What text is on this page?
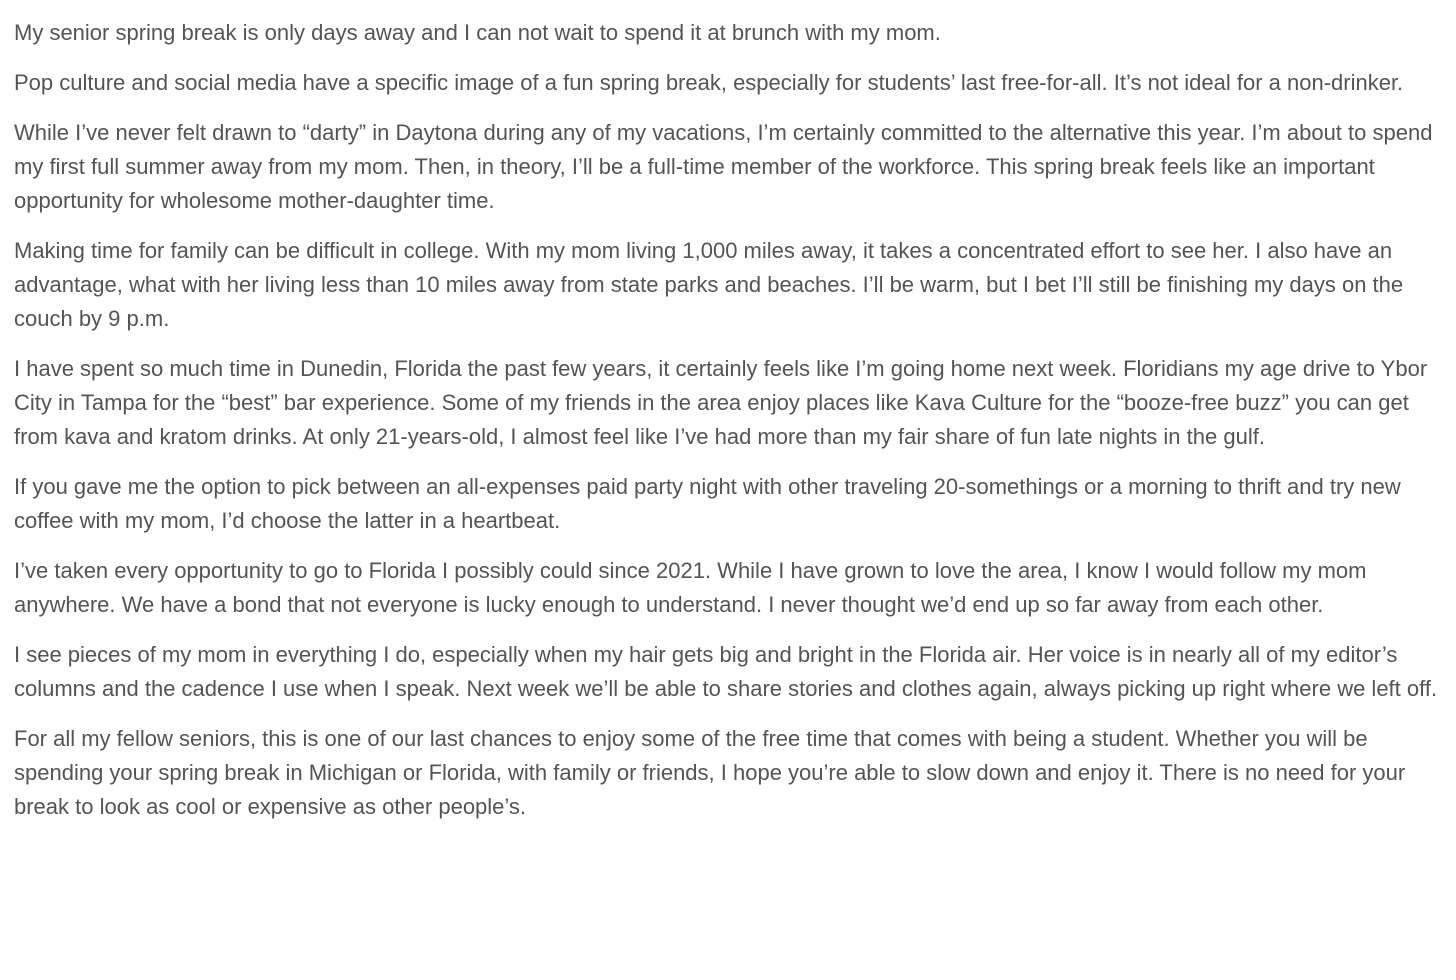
My senior spring break is only days away and I can not wait to spend it at brunch with my mom.

Pop culture and social media have a specific image of a fun spring break, especially for students’ last free-for-all. It’s not ideal for a non-drinker.

While I’ve never felt drawn to “darty” in Daytona during any of my vacations, I’m certainly committed to the alternative this year. I’m about to spend my first full summer away from my mom. Then, in theory, I’ll be a full-time member of the workforce. This spring break feels like an important opportunity for wholesome mother-daughter time.

Making time for family can be difficult in college. With my mom living 1,000 miles away, it takes a concentrated effort to see her. I also have an advantage, what with her living less than 10 miles away from state parks and beaches. I’ll be warm, but I bet I’ll still be finishing my days on the couch by 9 p.m.

I have spent so much time in Dunedin, Florida the past few years, it certainly feels like I’m going home next week. Floridians my age drive to Ybor City in Tampa for the “best” bar experience. Some of my friends in the area enjoy places like Kava Culture for the “booze-free buzz” you can get from kava and kratom drinks. At only 21-years-old, I almost feel like I’ve had more than my fair share of fun late nights in the gulf.

If you gave me the option to pick between an all-expenses paid party night with other traveling 20-somethings or a morning to thrift and try new coffee with my mom, I’d choose the latter in a heartbeat.

I’ve taken every opportunity to go to Florida I possibly could since 2021. While I have grown to love the area, I know I would follow my mom anywhere. We have a bond that not everyone is lucky enough to understand. I never thought we’d end up so far away from each other.

I see pieces of my mom in everything I do, especially when my hair gets big and bright in the Florida air. Her voice is in nearly all of my editor’s columns and the cadence I use when I speak. Next week we’ll be able to share stories and clothes again, always picking up right where we left off.

For all my fellow seniors, this is one of our last chances to enjoy some of the free time that comes with being a student. Whether you will be spending your spring break in Michigan or Florida, with family or friends, I hope you’re able to slow down and enjoy it. There is no need for your break to look as cool or expensive as other people’s.
